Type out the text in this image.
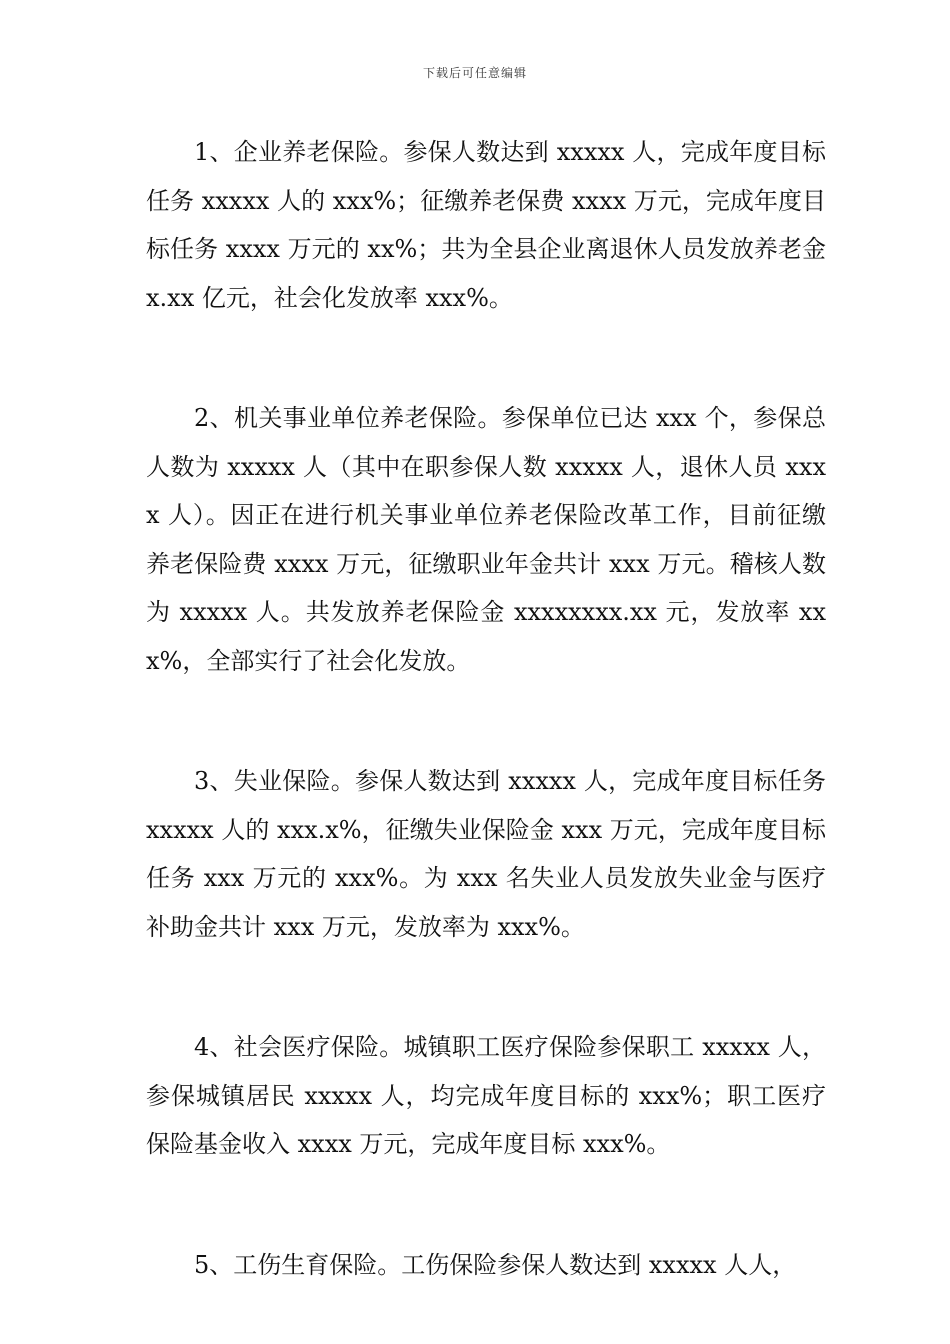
下载后可任意编辑

1、企业养老保险。参保人数达到 xxxxx 人，完成年度目标任务 xxxxx 人的 xxx%；征缴养老保费 xxxx 万元，完成年度目标任务 xxxx 万元的 xx%；共为全县企业离退休人员发放养老金 x.xx 亿元，社会化发放率 xxx%。

2、机关事业单位养老保险。参保单位已达 xxx 个，参保总人数为 xxxxx 人（其中在职参保人数 xxxxx 人，退休人员 xxxx 人）。因正在进行机关事业单位养老保险改革工作，目前征缴养老保险费 xxxx 万元，征缴职业年金共计 xxx 万元。稽核人数为 xxxxx 人。共发放养老保险金 xxxxxxxx.xx 元，发放率 xxx%，全部实行了社会化发放。

3、失业保险。参保人数达到 xxxxx 人，完成年度目标任务 xxxxx 人的 xxx.x%，征缴失业保险金 xxx 万元，完成年度目标任务 xxx 万元的 xxx%。为 xxx 名失业人员发放失业金与医疗补助金共计 xxx 万元，发放率为 xxx%。

4、社会医疗保险。城镇职工医疗保险参保职工 xxxxx 人，参保城镇居民 xxxxx 人，均完成年度目标的 xxx%；职工医疗保险基金收入 xxxx 万元，完成年度目标 xxx%。

5、工伤生育保险。工伤保险参保人数达到 xxxxx 人人，
